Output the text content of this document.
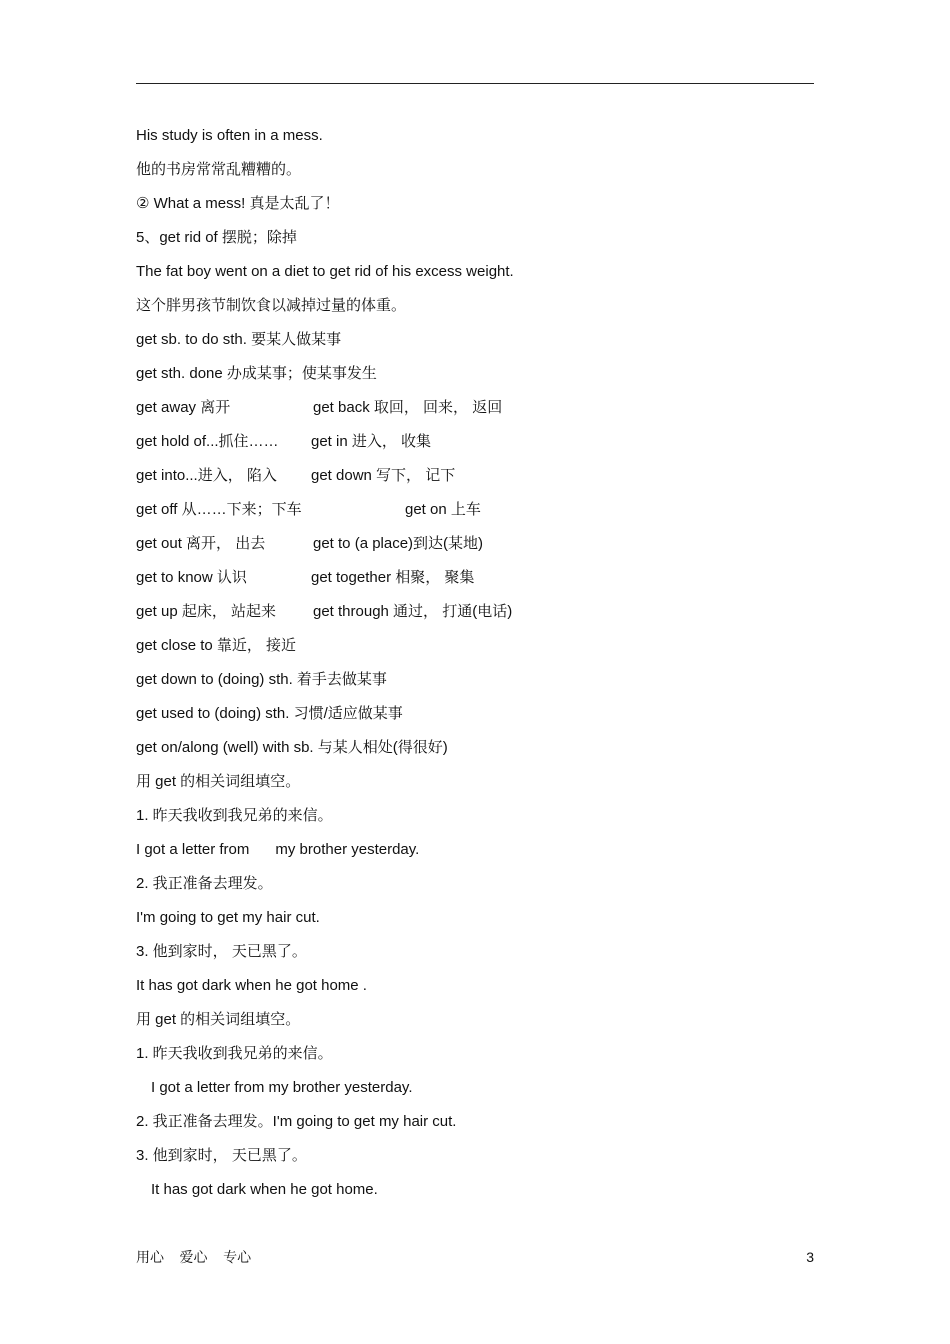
His study is often in a mess.
他的书房常常乱糟糟的。
② What a mess! 真是太乱了！
5、get rid of 摆脱；除掉
The fat boy went on a diet to get rid of his excess weight.
这个胖男孩节制饮食以减掉过量的体重。
get sb. to do sth. 要某人做某事
get sth. done 办成某事；使某事发生
get away 离开	get back 取回， 回来， 返回
get hold of...抓住……	get in 进入， 收集
get into...进入， 陷入	get down 写下， 记下
get off 从……下来；下车	get on 上车
get out 离开， 出去	get to (a place)到达(某地)
get to know 认识	get together 相聚， 聚集
get up 起床， 站起来	get through 通过， 打通(电话)
get close to 靠近， 接近
get down to (doing) sth. 着手去做某事
get used to (doing) sth. 习惯/适应做某事
get on/along (well) with sb. 与某人相处(得很好)
用 get 的相关词组填空。
1. 昨天我收到我兄弟的来信。
I got a letter from my brother yesterday.
2. 我正准备去理发。
I'm going to get my hair cut.
3. 他到家时， 天已黑了。
It has got dark when he got home .
用 get 的相关词组填空。
1. 昨天我收到我兄弟的来信。
I got a letter from my brother yesterday.
2. 我正准备去理发。I'm going to get my hair cut.
3. 他到家时， 天已黑了。
It has got dark when he got home.
用心    爱心    专心	3
